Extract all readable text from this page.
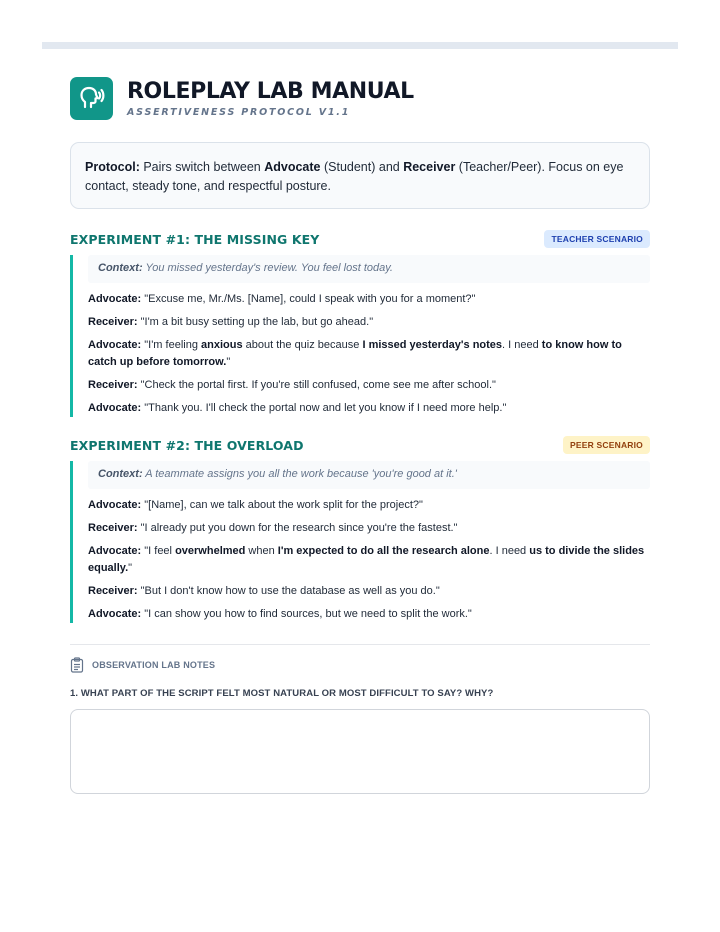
ROLEPLAY LAB MANUAL
ASSERTIVENESS PROTOCOL V1.1
Protocol: Pairs switch between Advocate (Student) and Receiver (Teacher/Peer). Focus on eye contact, steady tone, and respectful posture.
EXPERIMENT #1: THE MISSING KEY	TEACHER SCENARIO
Context: You missed yesterday's review. You feel lost today.
Advocate: "Excuse me, Mr./Ms. [Name], could I speak with you for a moment?"
Receiver: "I'm a bit busy setting up the lab, but go ahead."
Advocate: "I'm feeling anxious about the quiz because I missed yesterday's notes. I need to know how to catch up before tomorrow."
Receiver: "Check the portal first. If you're still confused, come see me after school."
Advocate: "Thank you. I'll check the portal now and let you know if I need more help."
EXPERIMENT #2: THE OVERLOAD	PEER SCENARIO
Context: A teammate assigns you all the work because 'you're good at it.'
Advocate: "[Name], can we talk about the work split for the project?"
Receiver: "I already put you down for the research since you're the fastest."
Advocate: "I feel overwhelmed when I'm expected to do all the research alone. I need us to divide the slides equally."
Receiver: "But I don't know how to use the database as well as you do."
Advocate: "I can show you how to find sources, but we need to split the work."
OBSERVATION LAB NOTES
1. WHAT PART OF THE SCRIPT FELT MOST NATURAL OR MOST DIFFICULT TO SAY? WHY?
